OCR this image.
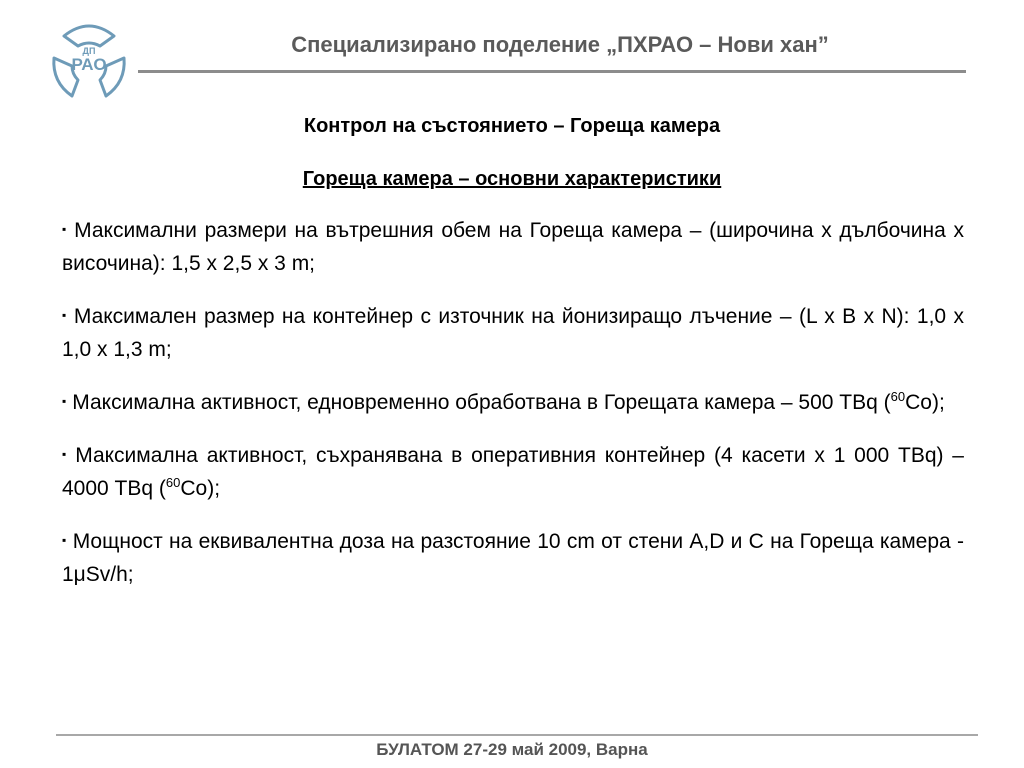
ДП
РАО
Специализирано поделение „ПХРАО – Нови хан”
Контрол на състоянието – Гореща камера
Гореща камера – основни характеристики
▪ Максимални размери на вътрешния обем на Гореща камера – (широчина х дълбочина х височина): 1,5 х 2,5 х 3 m;
▪ Максимален размер на контейнер с източник на йонизиращо лъчение – (L x B x N): 1,0 x 1,0 x 1,3 m;
▪ Максимална активност, едновременно обработвана в Горещата камера – 500 TBq ($^{60}$Co);
▪ Максимална активност, съхранявана в оперативния контейнер (4 касети х 1 000 TBq) – 4000 TBq ($^{60}$Co);
▪ Мощност на еквивалентна доза на разстояние 10 cm от стени A,D и C на Гореща камера - 1μSv/h;
БУЛАТОМ 27-29 май 2009, Варна
